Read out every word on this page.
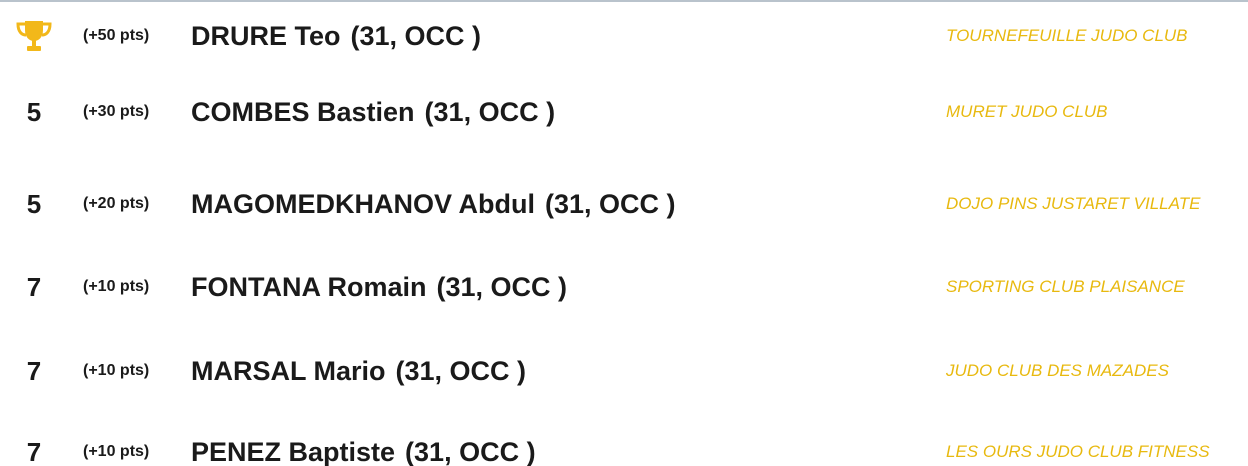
(+50 pts) DRURE Teo (31, OCC )	TOURNEFEUILLE JUDO CLUB
5	(+30 pts) COMBES Bastien (31, OCC )	MURET JUDO CLUB
5	(+20 pts) MAGOMEDKHANOV Abdul (31, OCC )	DOJO PINS JUSTARET VILLATE
7	(+10 pts) FONTANA Romain (31, OCC )	SPORTING CLUB PLAISANCE
7	(+10 pts) MARSAL Mario (31, OCC )	JUDO CLUB DES MAZADES
7	(+10 pts) PENEZ Baptiste (31, OCC )	LES OURS JUDO CLUB FITNESS
